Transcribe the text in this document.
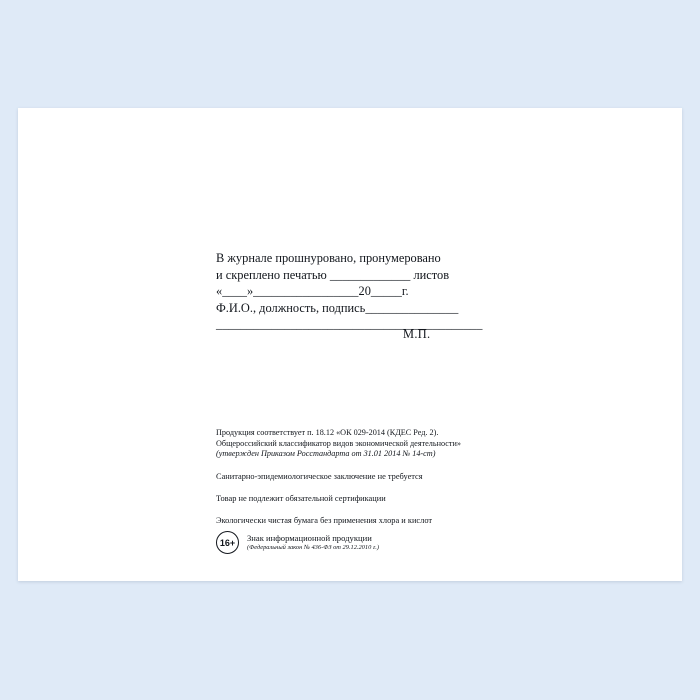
В журнале прошнуровано, пронумеровано
и скреплено печатью _____________ листов
«____»_________________20_____г.
Ф.И.О., должность, подпись_______________
___________________________________________
М.П.
Продукция соответствует п. 18.12 «ОК 029-2014 (КДЕС Ред. 2).
Общероссийский классификатор видов экономической деятельности»
(утвержден Приказом Росстандарта от 31.01 2014 № 14-ст)
Санитарно-эпидемиологическое заключение не требуется
Товар не подлежит обязательной сертификации
Экологически чистая бумага без применения хлора и кислот
16+	Знак информационной продукции
(Федеральный закон № 436-ФЗ от 29.12.2010 г.)
